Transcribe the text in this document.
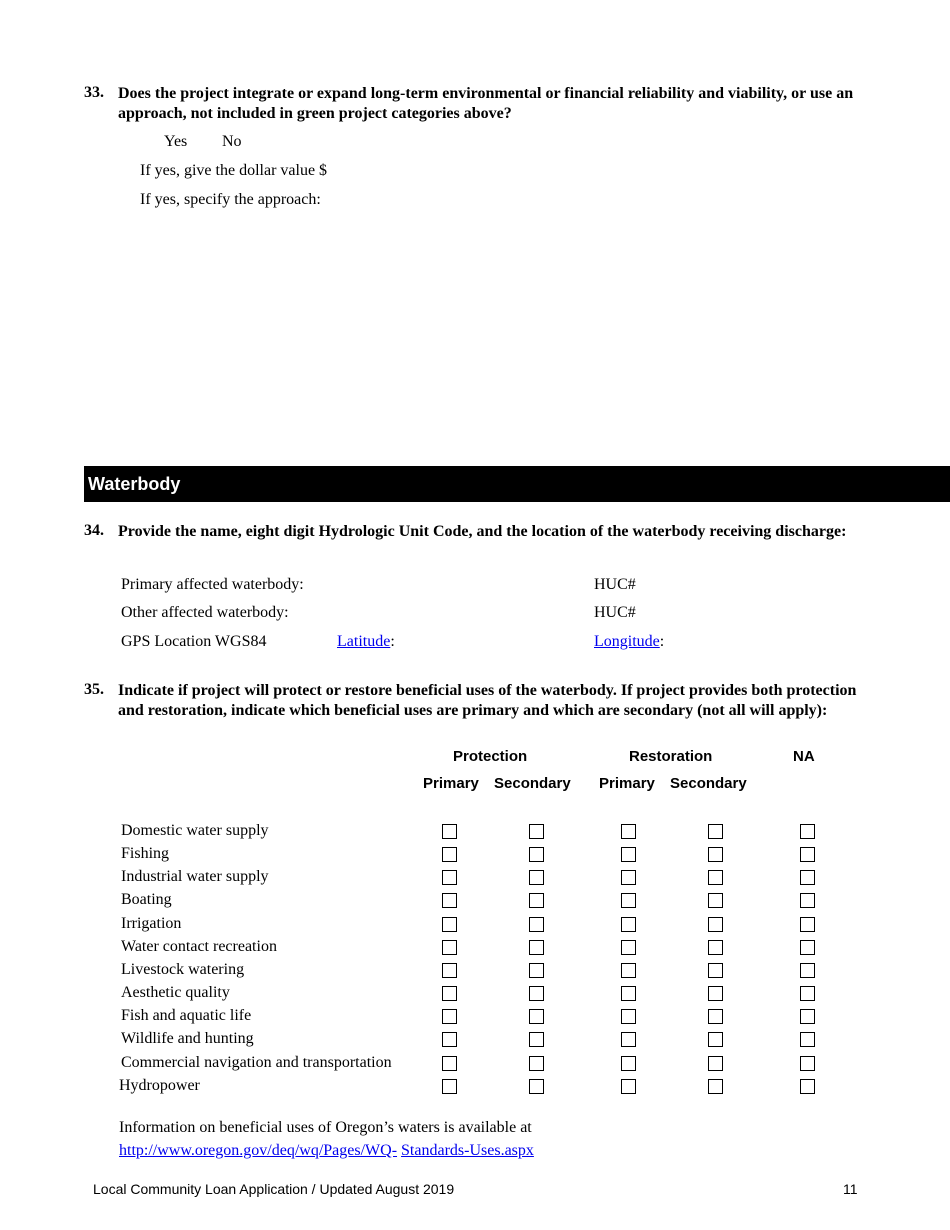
33. Does the project integrate or expand long-term environmental or financial reliability and viability, or use an approach, not included in green project categories above?
Yes No
If yes, give the dollar value $
If yes, specify the approach:
Waterbody
34. Provide the name, eight digit Hydrologic Unit Code, and the location of the waterbody receiving discharge:
Primary affected waterbody:	HUC#
Other affected waterbody:	HUC#
GPS Location WGS84	Latitude:	Longitude:
35. Indicate if project will protect or restore beneficial uses of the waterbody. If project provides both protection and restoration, indicate which beneficial uses are primary and which are secondary (not all will apply):
Protection	Restoration	NA
Primary Secondary Primary Secondary
Domestic water supply
Fishing
Industrial water supply
Boating
Irrigation
Water contact recreation
Livestock watering
Aesthetic quality
Fish and aquatic life
Wildlife and hunting
Commercial navigation and transportation
Hydropower
Information on beneficial uses of Oregon’s waters is available at
http://www.oregon.gov/deq/wq/Pages/WQ- Standards-Uses.aspx
Local Community Loan Application / Updated August 2019	11
